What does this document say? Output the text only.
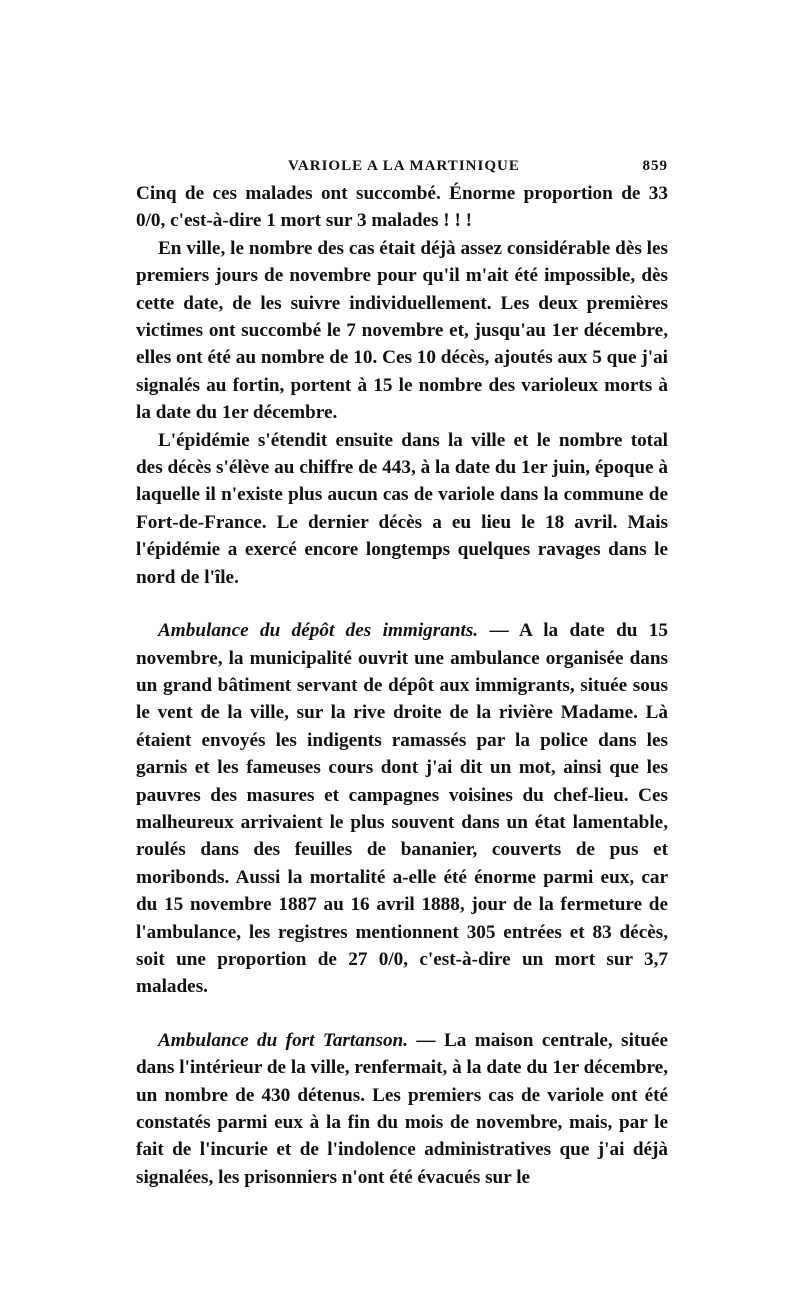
VARIOLE A LA MARTINIQUE	859

Cinq de ces malades ont succombé. Énorme proportion de 33 0/0, c'est-à-dire 1 mort sur 3 malades ! ! !

En ville, le nombre des cas était déjà assez considérable dès les premiers jours de novembre pour qu'il m'ait été impossible, dès cette date, de les suivre individuellement. Les deux premières victimes ont succombé le 7 novembre et, jusqu'au 1er décembre, elles ont été au nombre de 10. Ces 10 décès, ajoutés aux 5 que j'ai signalés au fortin, portent à 15 le nombre des varioleux morts à la date du 1er décembre.

L'épidémie s'étendit ensuite dans la ville et le nombre total des décès s'élève au chiffre de 443, à la date du 1er juin, époque à laquelle il n'existe plus aucun cas de variole dans la commune de Fort-de-France. Le dernier décès a eu lieu le 18 avril. Mais l'épidémie a exercé encore longtemps quelques ravages dans le nord de l'île.

Ambulance du dépôt des immigrants. — A la date du 15 novembre, la municipalité ouvrit une ambulance organisée dans un grand bâtiment servant de dépôt aux immigrants, située sous le vent de la ville, sur la rive droite de la rivière Madame. Là étaient envoyés les indigents ramassés par la police dans les garnis et les fameuses cours dont j'ai dit un mot, ainsi que les pauvres des masures et campagnes voisines du chef-lieu. Ces malheureux arrivaient le plus souvent dans un état lamentable, roulés dans des feuilles de bananier, couverts de pus et moribonds. Aussi la mortalité a-elle été énorme parmi eux, car du 15 novembre 1887 au 16 avril 1888, jour de la fermeture de l'ambulance, les registres mentionnent 305 entrées et 83 décès, soit une proportion de 27 0/0, c'est-à-dire un mort sur 3,7 malades.

Ambulance du fort Tartanson. — La maison centrale, située dans l'intérieur de la ville, renfermait, à la date du 1er décembre, un nombre de 430 détenus. Les premiers cas de variole ont été constatés parmi eux à la fin du mois de novembre, mais, par le fait de l'incurie et de l'indolence administratives que j'ai déjà signalées, les prisonniers n'ont été évacués sur le
